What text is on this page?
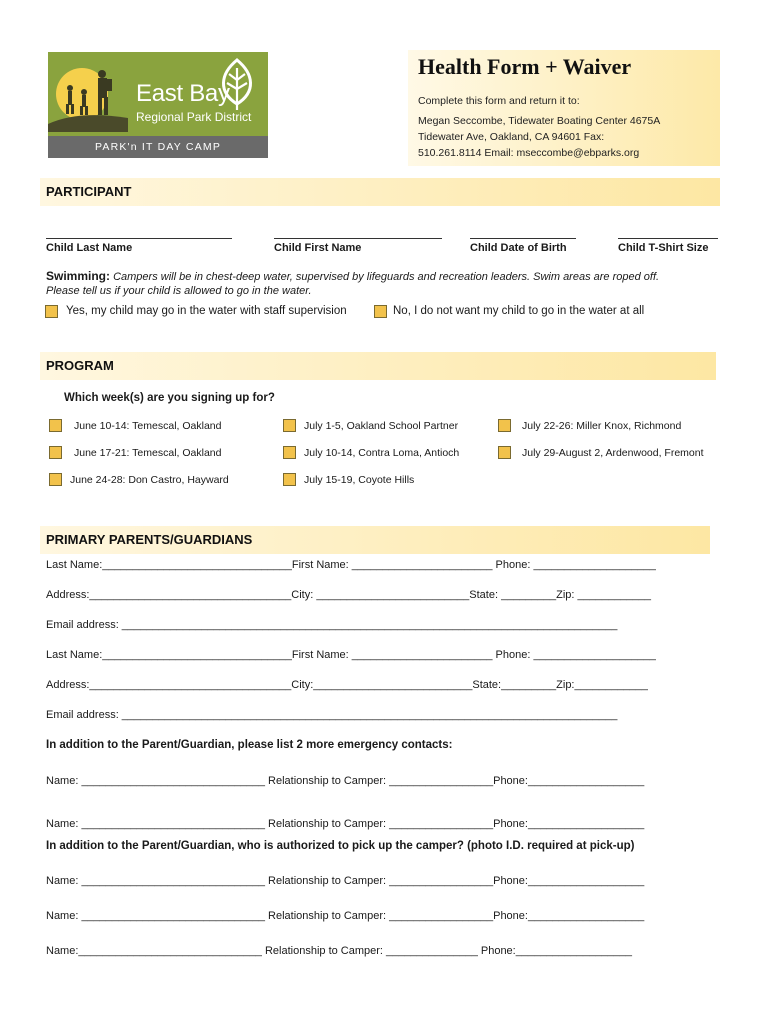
East Bay
Regional Park District
PARK'n IT DAY CAMP
Health Form + Waiver
Complete this form and return it to:
Megan Seccombe, Tidewater Boating Center 4675A
Tidewater Ave, Oakland, CA 94601 Fax:
510.261.8114 Email: mseccombe@ebparks.org
PARTICIPANT
Child Last Name	Child First Name	Child Date of Birth	Child T-Shirt Size
Swimming: Campers will be in chest-deep water, supervised by lifeguards and recreation leaders. Swim areas are roped off.
Please tell us if your child is allowed to go in the water.
Yes, my child may go in the water with staff supervision	No, I do not want my child to go in the water at all
PROGRAM
Which week(s) are you signing up for?
June 10-14: Temescal, Oakland	July 1-5, Oakland School Partner	July 22-26: Miller Knox, Richmond
June 17-21: Temescal, Oakland	July 10-14, Contra Loma, Antioch	July 29-August 2, Ardenwood, Fremont
June 24-28: Don Castro, Hayward	July 15-19, Coyote Hills
PRIMARY PARENTS/GUARDIANS
Last Name:_______________________________First Name: _______________________ Phone: ____________________
Address:_________________________________City: _________________________State: _________Zip: ____________
Email address: _________________________________________________________________________________
Last Name:_______________________________First Name: _______________________ Phone: ____________________
Address:_________________________________City:__________________________State:_________Zip:____________
Email address: _________________________________________________________________________________
In addition to the Parent/Guardian, please list 2 more emergency contacts:
Name: ______________________________ Relationship to Camper: _________________Phone:___________________
Name: ______________________________ Relationship to Camper: _________________Phone:___________________
In addition to the Parent/Guardian, who is authorized to pick up the camper? (photo I.D. required at pick-up)
Name: ______________________________ Relationship to Camper: _________________Phone:___________________
Name: ______________________________ Relationship to Camper: _________________Phone:___________________
Name:______________________________ Relationship to Camper: _______________ Phone:___________________
